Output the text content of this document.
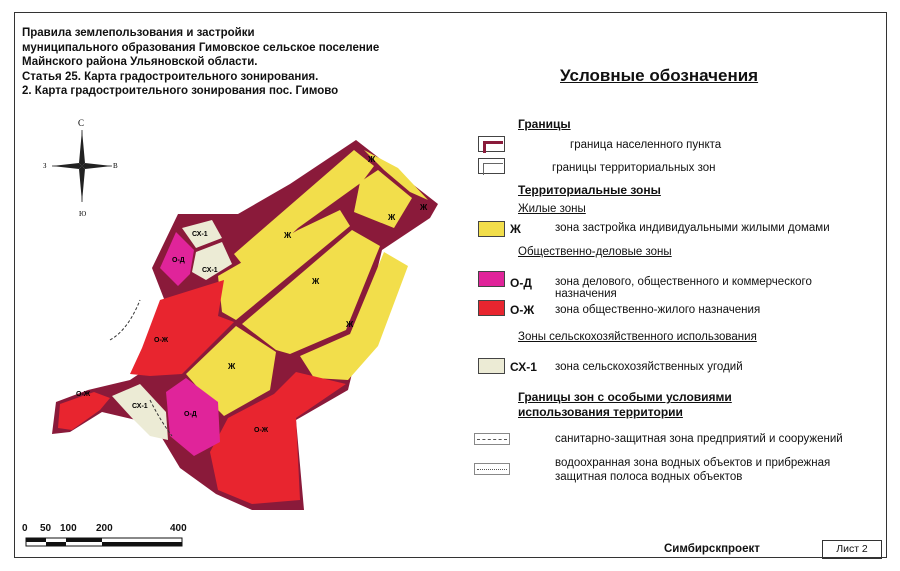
Правила землепользования и застройки
муниципального образования Гимовское сельское поселение
Майнского района Ульяновской области.
Статья 25. Карта градостроительного зонирования.
2. Карта градостроительного зонирования пос. Гимово
С
Ю
З	В
Ж
Ж
Ж
Ж
Ж
Ж
Ж
О-Д
О-Д
О-Ж
О-Ж
О-Ж
СХ-1
СХ-1
СХ-1
0 50 100 200	400
Условные обозначения
Границы
граница населенного пункта
границы территориальных зон
Территориальные зоны
Жилые зоны
Ж	зона застройка индивидуальными жилыми домами
Общественно-деловые зоны
О-Д зона делового, общественного и коммерческого
назначения
О-Ж зона общественно-жилого назначения
Зоны сельскохозяйственного использования
СХ-1 зона сельскохозяйственных угодий
Границы зон с особыми условиями
использования территории
санитарно-защитная зона предприятий и сооружений
водоохранная зона водных объектов и прибрежная
защитная полоса водных объектов
Симбирскпроект	Лист 2
